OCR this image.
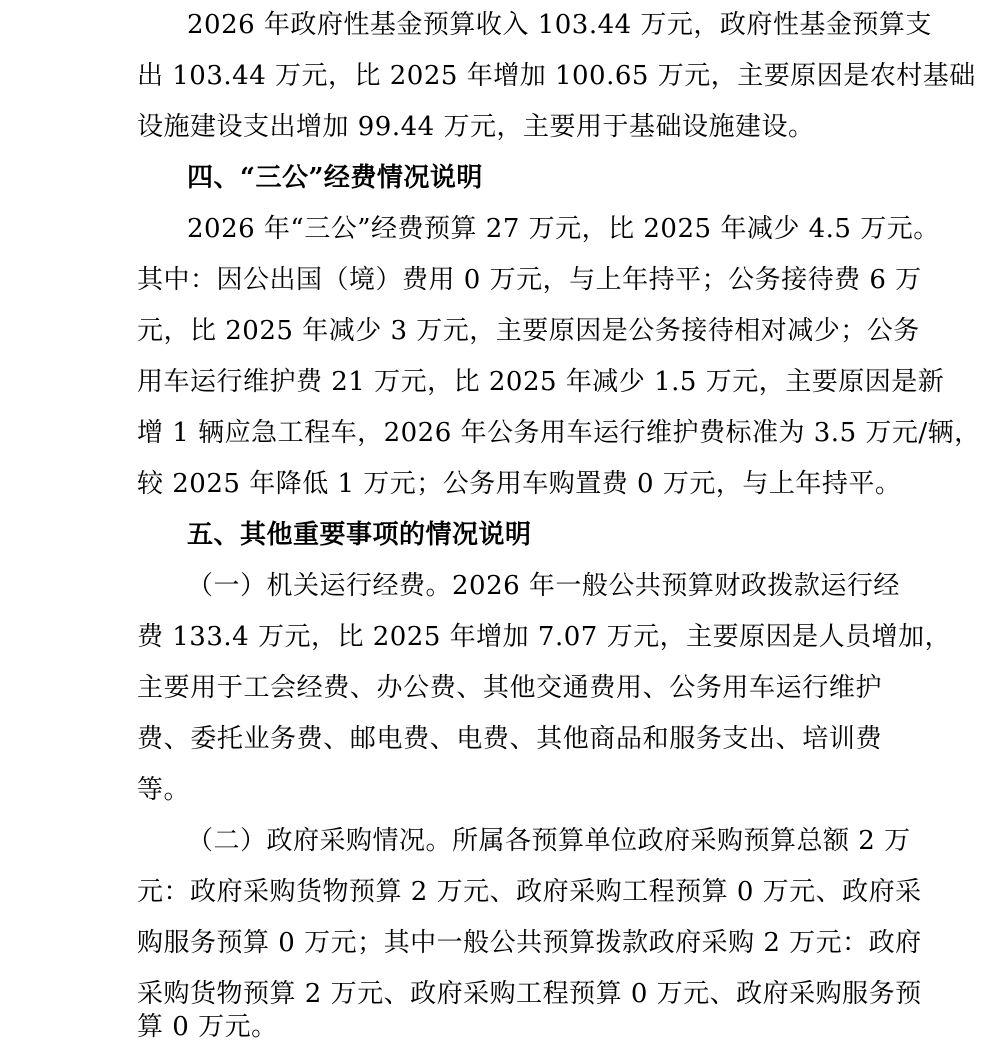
2026 年政府性基金预算收入 103.44 万元，政府性基金预算支
出 103.44 万元，比 2025 年增加 100.65 万元，主要原因是农村基础
设施建设支出增加 99.44 万元，主要用于基础设施建设。
四、“三公”经费情况说明
2026 年“三公”经费预算 27 万元，比 2025 年减少 4.5 万元。
其中：因公出国（境）费用 0 万元，与上年持平；公务接待费 6 万
元，比 2025 年减少 3 万元，主要原因是公务接待相对减少；公务
用车运行维护费 21 万元，比 2025 年减少 1.5 万元，主要原因是新
增 1 辆应急工程车，2026 年公务用车运行维护费标准为 3.5 万元/辆，
较 2025 年降低 1 万元；公务用车购置费 0 万元，与上年持平。
五、其他重要事项的情况说明
（一）机关运行经费。2026 年一般公共预算财政拨款运行经
费 133.4 万元，比 2025 年增加 7.07 万元，主要原因是人员增加，
主要用于工会经费、办公费、其他交通费用、公务用车运行维护
费、委托业务费、邮电费、电费、其他商品和服务支出、培训费
等。
（二）政府采购情况。所属各预算单位政府采购预算总额 2 万
元：政府采购货物预算 2 万元、政府采购工程预算 0 万元、政府采
购服务预算 0 万元；其中一般公共预算拨款政府采购 2 万元：政府
采购货物预算 2 万元、政府采购工程预算 0 万元、政府采购服务预
算 0 万元。
